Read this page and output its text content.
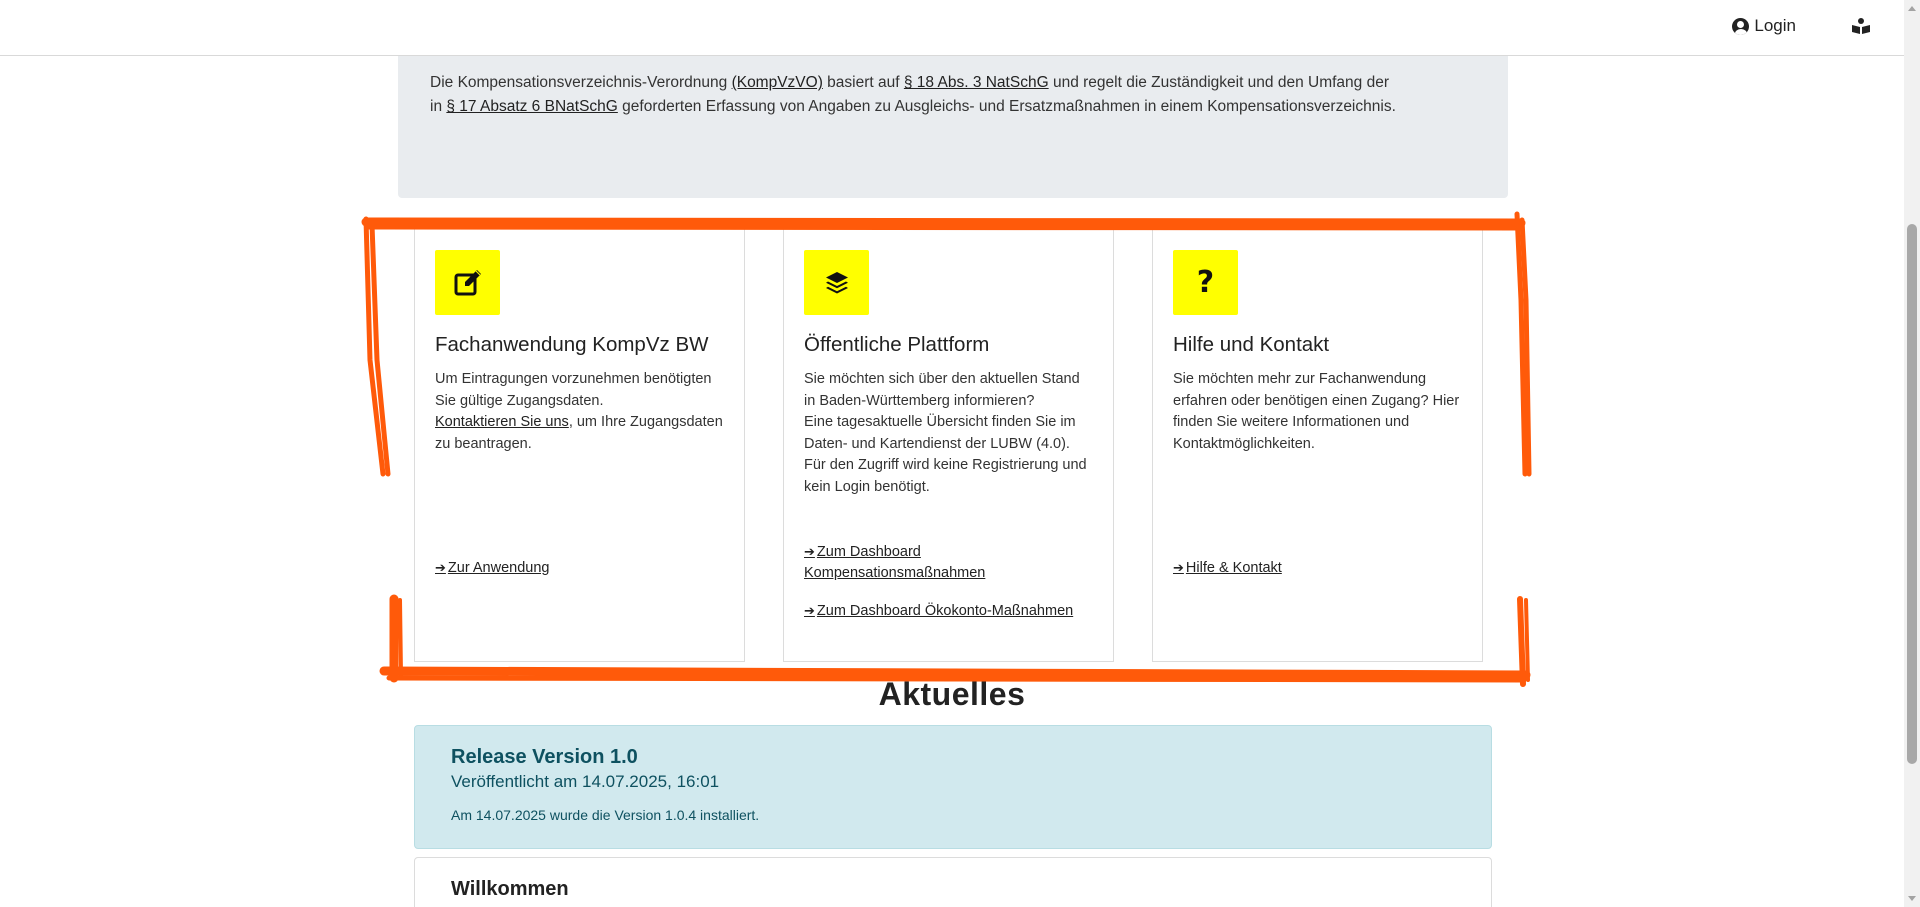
Login
Die Kompensationsverzeichnis-Verordnung (KompVzVO) basiert auf § 18 Abs. 3 NatSchG und regelt die Zuständigkeit und den Umfang der
in § 17 Absatz 6 BNatSchG geforderten Erfassung von Angaben zu Ausgleichs- und Ersatzmaßnahmen in einem Kompensationsverzeichnis.
Fachanwendung KompVz BW

Um Eintragungen vorzunehmen benötigten Sie gültige Zugangsdaten.
Kontaktieren Sie uns, um Ihre Zugangsdaten zu beantragen.

➔ Zur Anwendung
Öffentliche Plattform

Sie möchten sich über den aktuellen Stand in Baden-Württemberg informieren?
Eine tagesaktuelle Übersicht finden Sie im Daten- und Kartendienst der LUBW (4.0).
Für den Zugriff wird keine Registrierung und kein Login benötigt.

➔ Zum Dashboard Kompensationsmaßnahmen
➔ Zum Dashboard Ökokonto-Maßnahmen
?
Hilfe und Kontakt

Sie möchten mehr zur Fachanwendung erfahren oder benötigen einen Zugang? Hier finden Sie weitere Informationen und Kontaktmöglichkeiten.

➔ Hilfe & Kontakt
Aktuelles
Release Version 1.0
Veröffentlicht am 14.07.2025, 16:01
Am 14.07.2025 wurde die Version 1.0.4 installiert.
Willkommen
